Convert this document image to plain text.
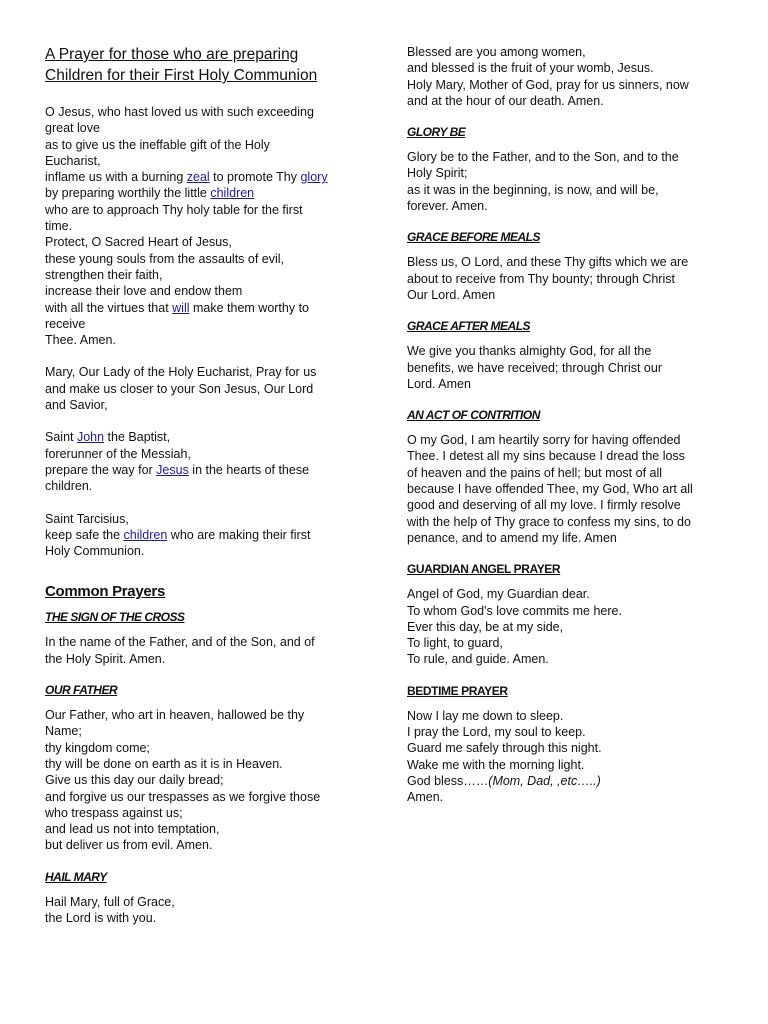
A Prayer for those who are preparing
Children for their First Holy Communion

O Jesus, who hast loved us with such exceeding
great love
as to give us the ineffable gift of the Holy
Eucharist,
inflame us with a burning zeal to promote Thy glory
by preparing worthily the little children
who are to approach Thy holy table for the first
time.
Protect, O Sacred Heart of Jesus,
these young souls from the assaults of evil,
strengthen their faith,
increase their love and endow them
with all the virtues that will make them worthy to
receive
Thee. Amen.

Mary, Our Lady of the Holy Eucharist, Pray for us
and make us closer to your Son Jesus, Our Lord
and Savior,

Saint John the Baptist,
forerunner of the Messiah,
prepare the way for Jesus in the hearts of these
children.

Saint Tarcisius,
keep safe the children who are making their first
Holy Communion.

Common Prayers
THE SIGN OF THE CROSS

In the name of the Father, and of the Son, and of
the Holy Spirit. Amen.

OUR FATHER

Our Father, who art in heaven, hallowed be thy
Name;
thy kingdom come;
thy will be done on earth as it is in Heaven.
Give us this day our daily bread;
and forgive us our trespasses as we forgive those
who trespass against us;
and lead us not into temptation,
but deliver us from evil. Amen.

HAIL MARY

Hail Mary, full of Grace,
the Lord is with you.

Blessed are you among women,
and blessed is the fruit of your womb, Jesus.
Holy Mary, Mother of God, pray for us sinners, now
and at the hour of our death. Amen.

GLORY BE

Glory be to the Father, and to the Son, and to the
Holy Spirit;
as it was in the beginning, is now, and will be,
forever. Amen.

GRACE BEFORE MEALS

Bless us, O Lord, and these Thy gifts which we are
about to receive from Thy bounty; through Christ
Our Lord. Amen

GRACE AFTER MEALS

We give you thanks almighty God, for all the
benefits, we have received; through Christ our
Lord. Amen

AN ACT OF CONTRITION

O my God, I am heartily sorry for having offended
Thee. I detest all my sins because I dread the loss
of heaven and the pains of hell; but most of all
because I have offended Thee, my God, Who art all
good and deserving of all my love. I firmly resolve
with the help of Thy grace to confess my sins, to do
penance, and to amend my life. Amen

GUARDIAN ANGEL PRAYER

Angel of God, my Guardian dear.
To whom God's love commits me here.
Ever this day, be at my side,
To light, to guard,
To rule, and guide. Amen.

BEDTIME PRAYER

Now I lay me down to sleep.
I pray the Lord, my soul to keep.
Guard me safely through this night.
Wake me with the morning light.
God bless……(Mom, Dad, ,etc…..)
Amen.
